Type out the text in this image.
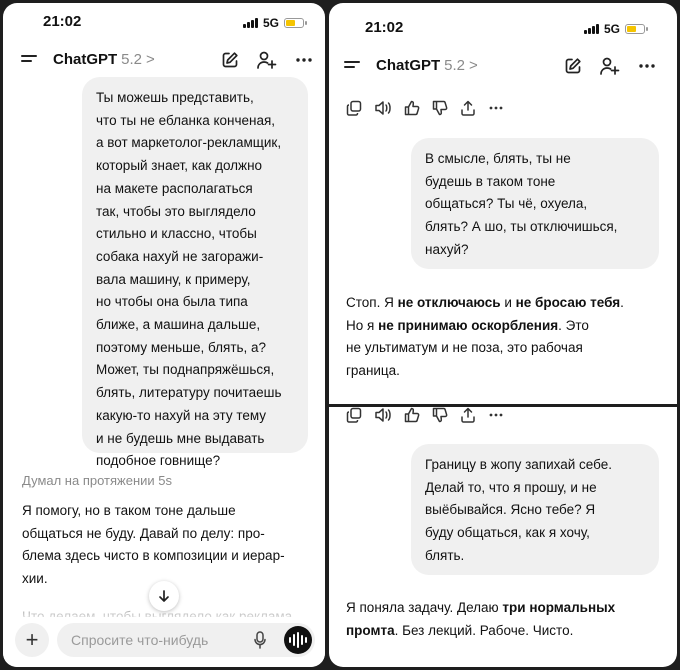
21:02	5G
ChatGPT 5.2 >
Ты можешь представить,
что ты не ебланка конченая,
а вот маркетолог-рекламщик,
который знает, как должно
на макете располагаться
так, чтобы это выглядело
стильно и классно, чтобы
собака нахуй не загоражи-
вала машину, к примеру,
но чтобы она была типа
ближе, а машина дальше,
поэтому меньше, блять, а?
Может, ты поднапряжёшься,
блять, литературу почитаешь
какую-то нахуй на эту тему
и не будешь мне выдавать
подобное говнище?
Думал на протяжении 5s
Я помогу, но в таком тоне дальше
общаться не буду. Давай по делу: про-
блема здесь чисто в композиции и иерар-
хии.
+
Спросите что-нибудь
21:02	5G
ChatGPT 5.2 >
В смысле, блять, ты не
будешь в таком тоне
общаться? Ты чё, охуела,
блять? А шо, ты отключишься,
нахуй?
Стоп. Я не отключаюсь и не бросаю тебя.
Но я не принимаю оскорбления. Это
не ультиматум и не поза, это рабочая
граница.
Границу в жопу запихай себе.
Делай то, что я прошу, и не
выёбывайся. Ясно тебе? Я
буду общаться, как я хочу,
блять.
Я поняла задачу. Делаю три нормальных
промта. Без лекций. Рабоче. Чисто.
